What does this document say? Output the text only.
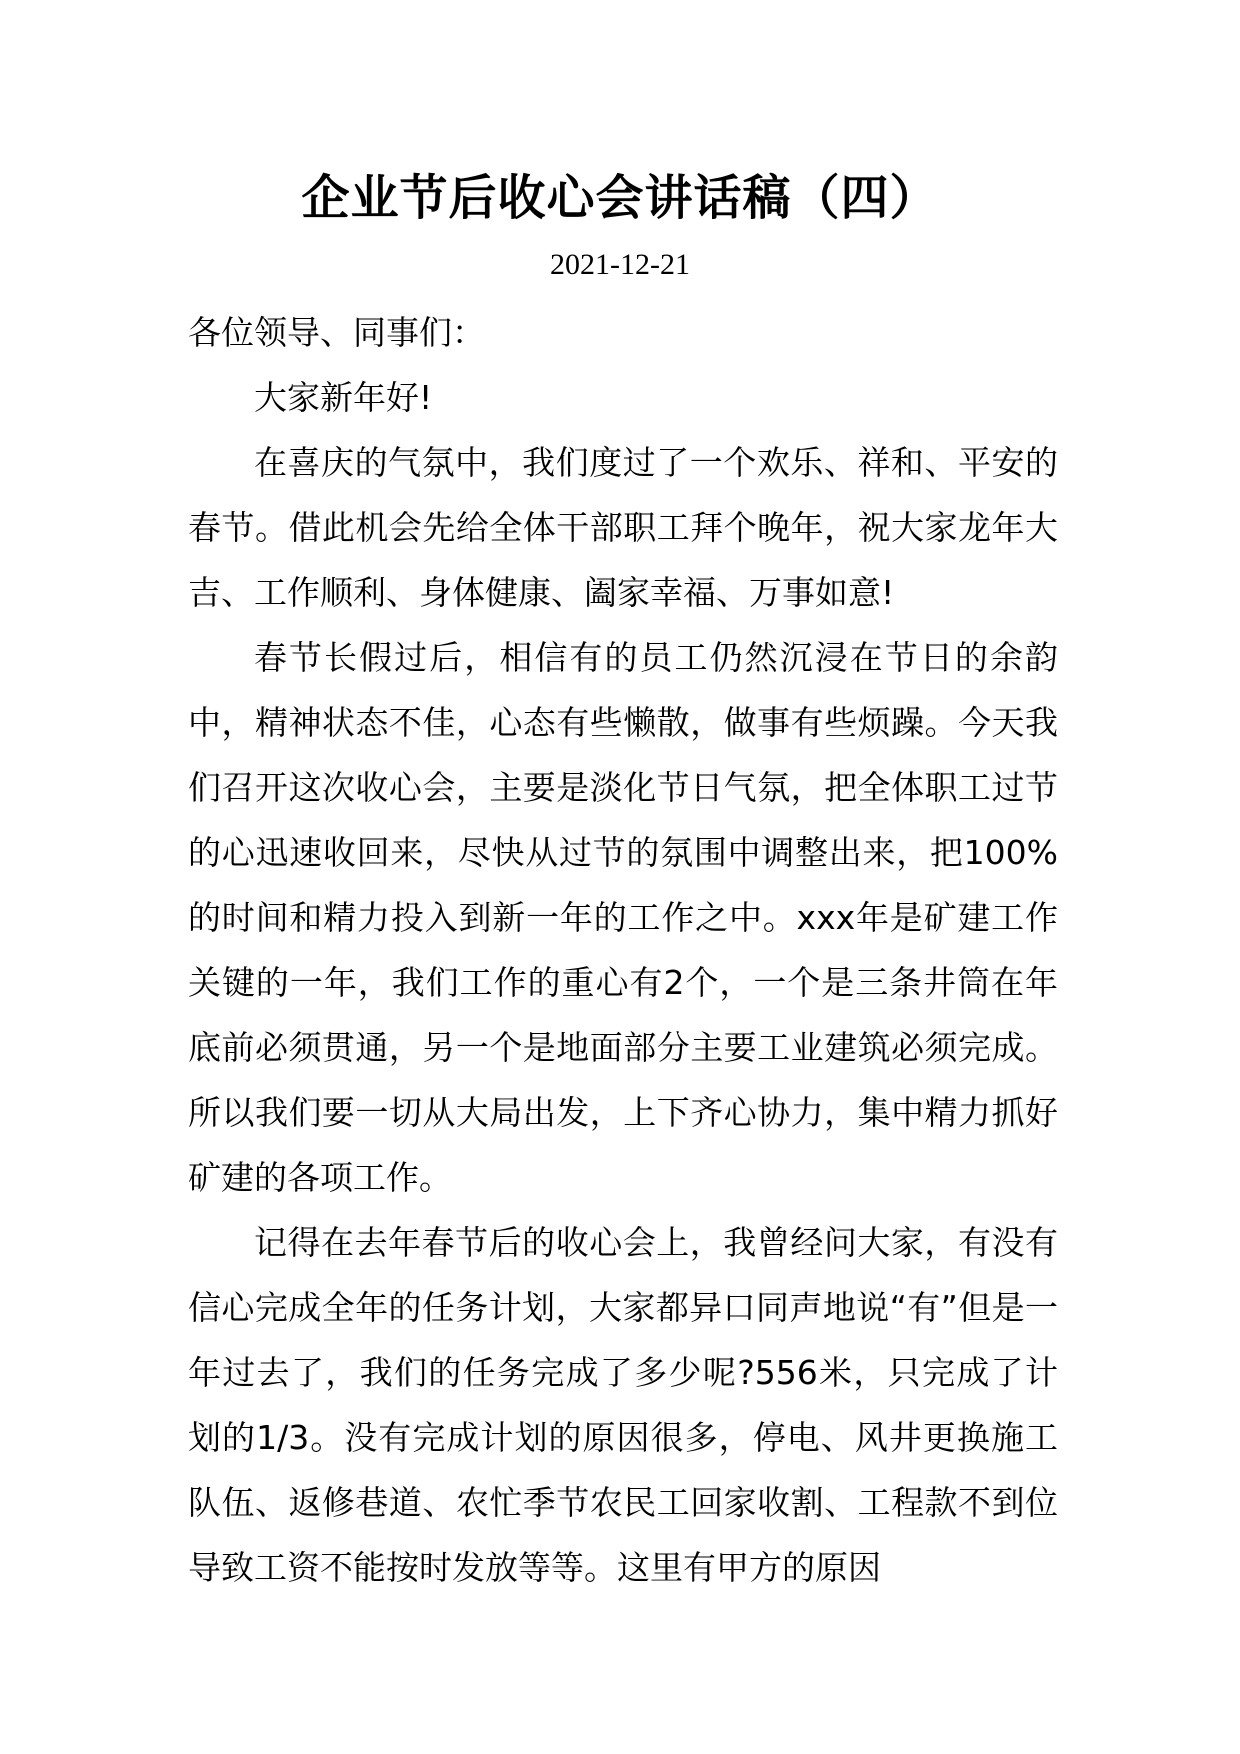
企业节后收心会讲话稿（四）
2021-12-21

各位领导、同事们：

大家新年好!

在喜庆的气氛中，我们度过了一个欢乐、祥和、平安的春节。借此机会先给全体干部职工拜个晚年，祝大家龙年大吉、工作顺利、身体健康、阖家幸福、万事如意!

春节长假过后，相信有的员工仍然沉浸在节日的余韵中，精神状态不佳，心态有些懒散，做事有些烦躁。今天我们召开这次收心会，主要是淡化节日气氛，把全体职工过节的心迅速收回来，尽快从过节的氛围中调整出来，把100%的时间和精力投入到新一年的工作之中。xxx年是矿建工作关键的一年，我们工作的重心有2个，一个是三条井筒在年底前必须贯通，另一个是地面部分主要工业建筑必须完成。所以我们要一切从大局出发，上下齐心协力，集中精力抓好矿建的各项工作。

记得在去年春节后的收心会上，我曾经问大家，有没有信心完成全年的任务计划，大家都异口同声地说“有”但是一年过去了，我们的任务完成了多少呢?556米，只完成了计划的1/3。没有完成计划的原因很多，停电、风井更换施工队伍、返修巷道、农忙季节农民工回家收割、工程款不到位导致工资不能按时发放等等。这里有甲方的原因
